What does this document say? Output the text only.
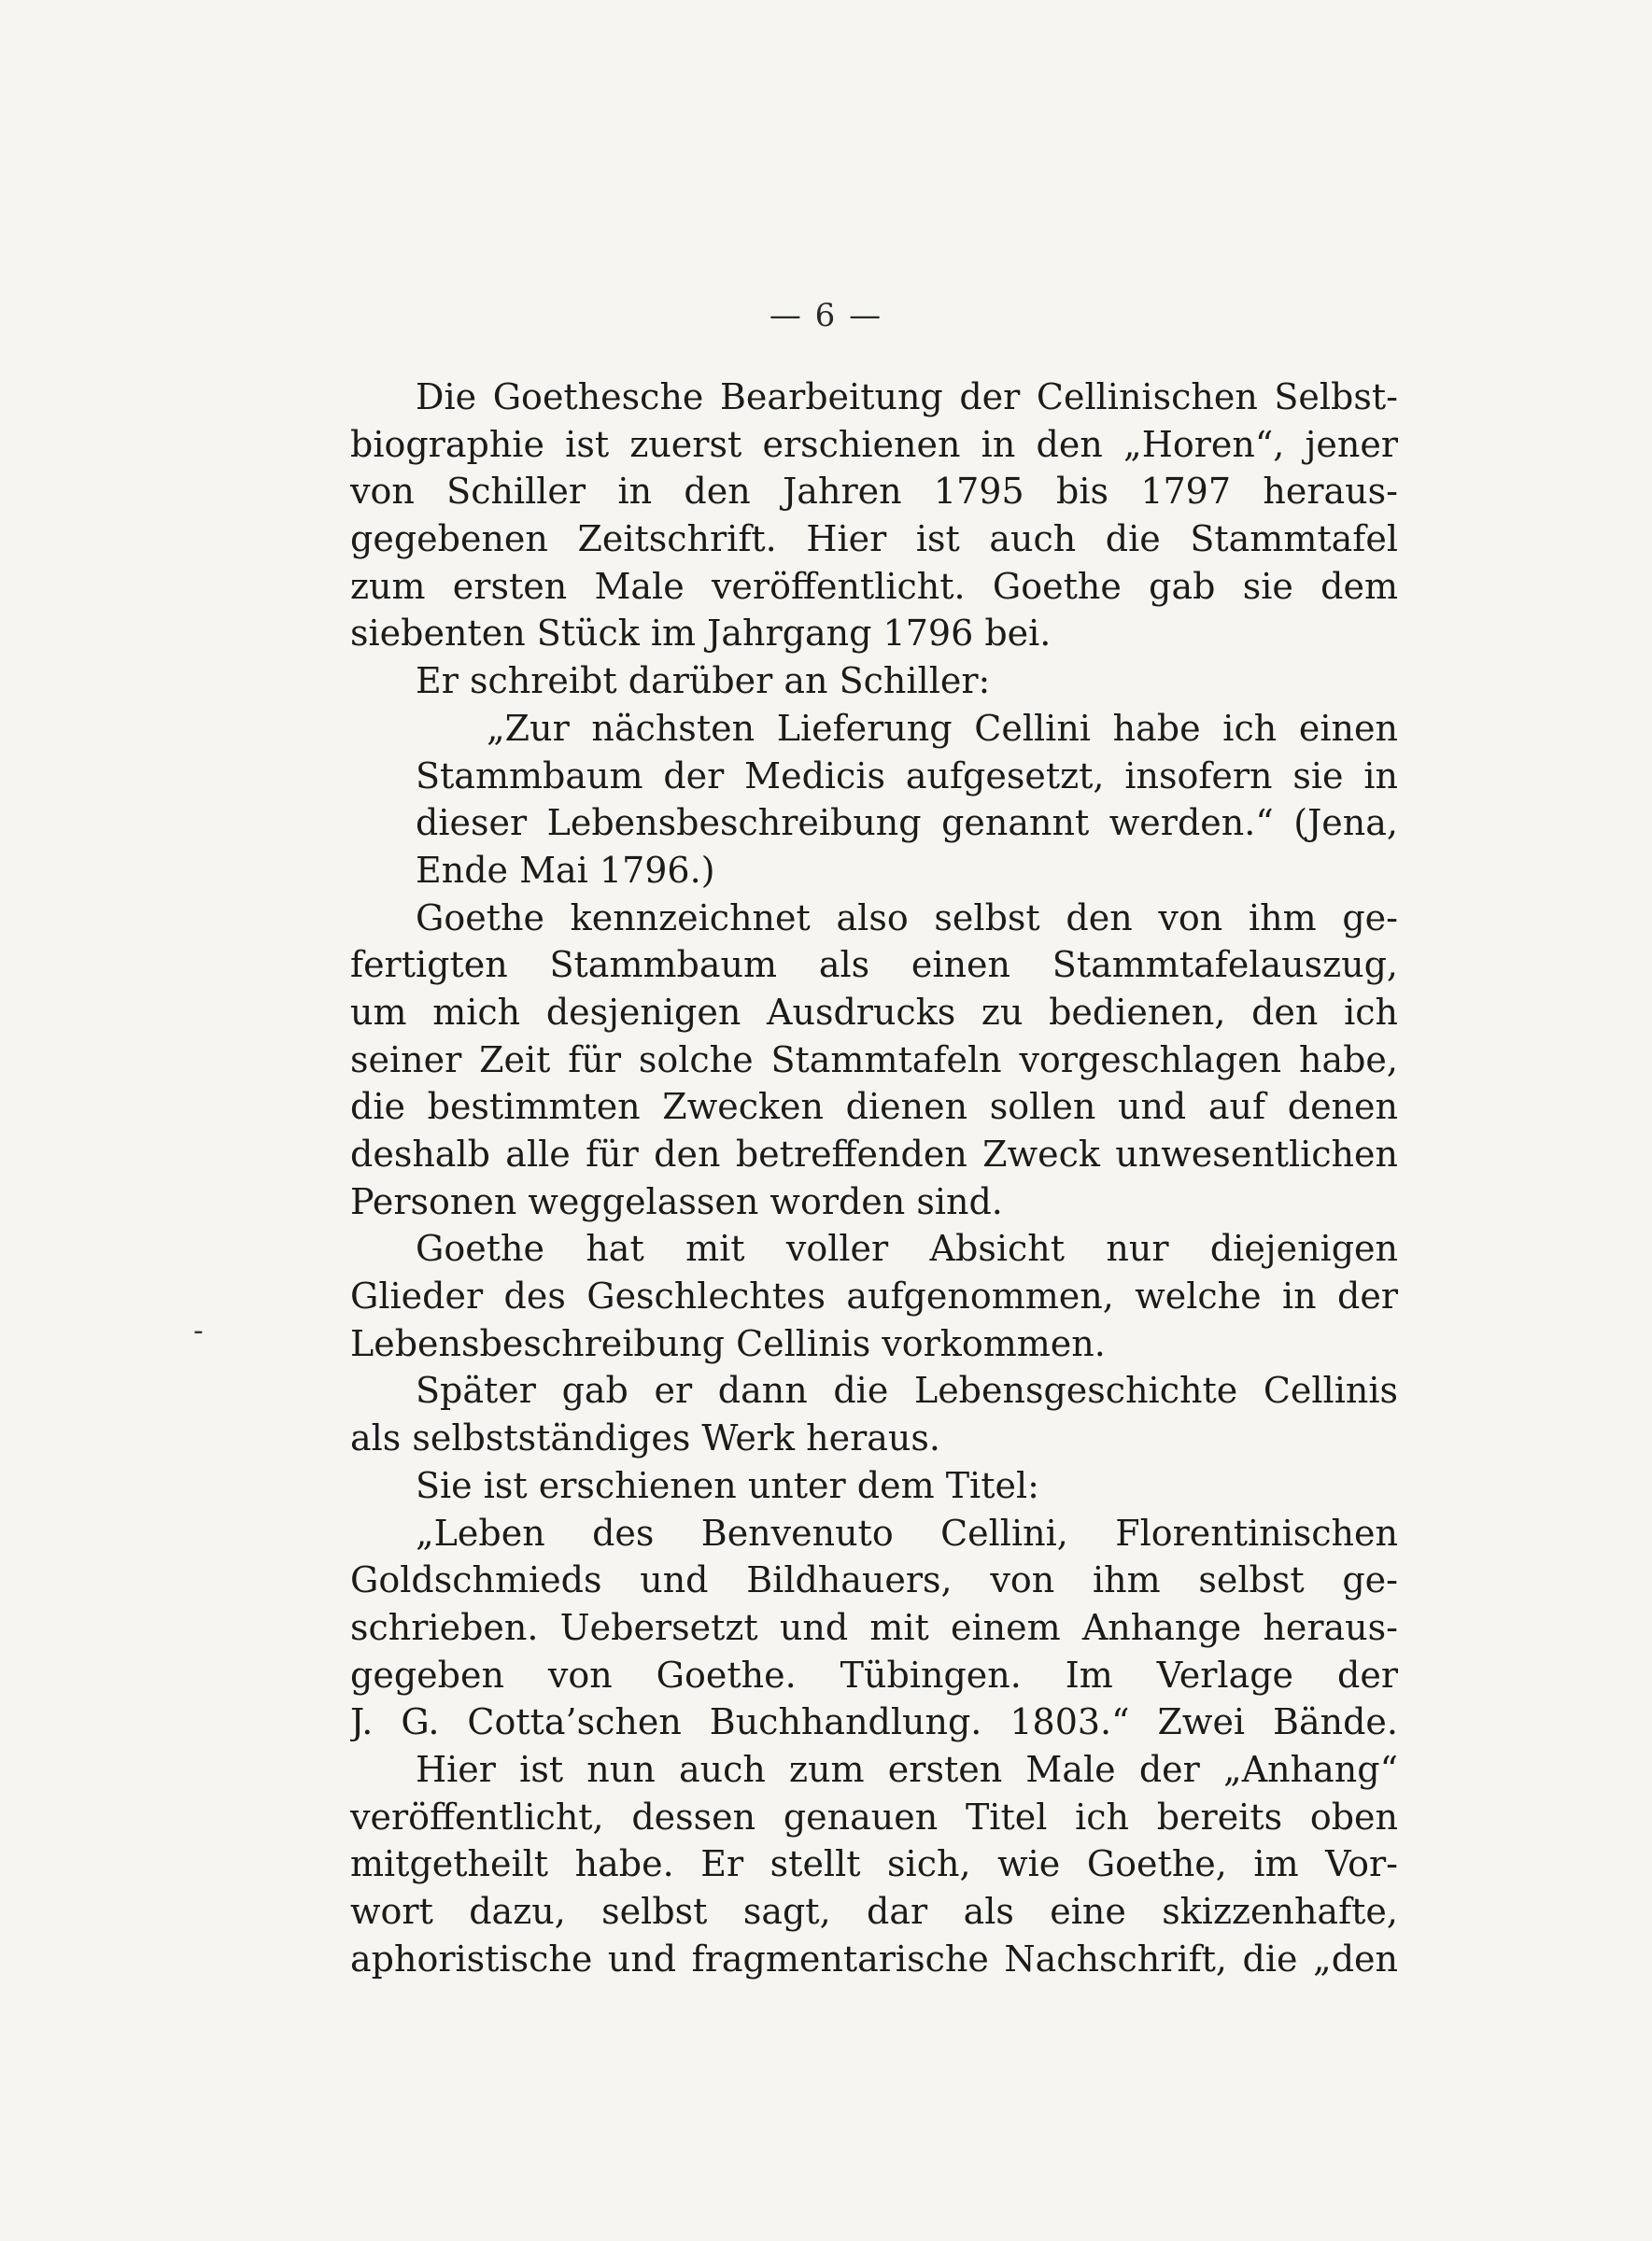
— 6 —
-
Die Goethesche Bearbeitung der Cellinischen Selbst-
biographie ist zuerst erschienen in den „Horen“, jener
von Schiller in den Jahren 1795 bis 1797 heraus-
gegebenen Zeitschrift. Hier ist auch die Stammtafel
zum ersten Male veröffentlicht. Goethe gab sie dem
siebenten Stück im Jahrgang 1796 bei.
Er schreibt darüber an Schiller:
„Zur nächsten Lieferung Cellini habe ich einen
Stammbaum der Medicis aufgesetzt, insofern sie in
dieser Lebensbeschreibung genannt werden.“ (Jena,
Ende Mai 1796.)
Goethe kennzeichnet also selbst den von ihm ge-
fertigten Stammbaum als einen Stammtafelauszug,
um mich desjenigen Ausdrucks zu bedienen, den ich
seiner Zeit für solche Stammtafeln vorgeschlagen habe,
die bestimmten Zwecken dienen sollen und auf denen
deshalb alle für den betreffenden Zweck unwesentlichen
Personen weggelassen worden sind.
Goethe hat mit voller Absicht nur diejenigen
Glieder des Geschlechtes aufgenommen, welche in der
Lebensbeschreibung Cellinis vorkommen.
Später gab er dann die Lebensgeschichte Cellinis
als selbstständiges Werk heraus.
Sie ist erschienen unter dem Titel:
„Leben des Benvenuto Cellini, Florentinischen
Goldschmieds und Bildhauers, von ihm selbst ge-
schrieben. Uebersetzt und mit einem Anhange heraus-
gegeben von Goethe. Tübingen. Im Verlage der
J. G. Cotta’schen Buchhandlung. 1803.“ Zwei Bände.
Hier ist nun auch zum ersten Male der „Anhang“
veröffentlicht, dessen genauen Titel ich bereits oben
mitgetheilt habe. Er stellt sich, wie Goethe, im Vor-
wort dazu, selbst sagt, dar als eine skizzenhafte,
aphoristische und fragmentarische Nachschrift, die „den
